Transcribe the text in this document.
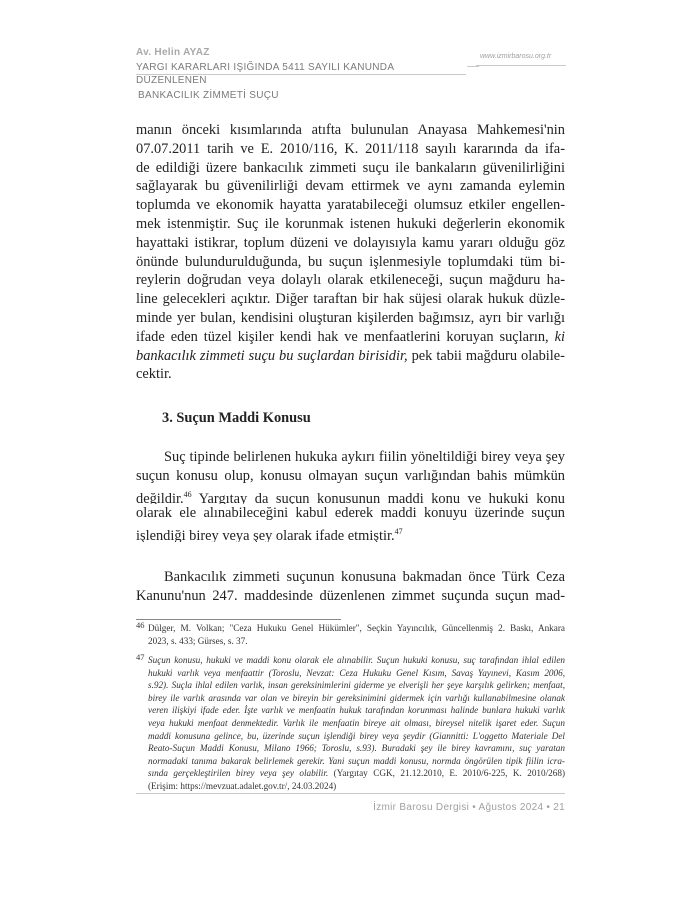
Av. Helin AYAZ
YARGI KARARLARI IŞIĞINDA 5411 SAYILI KANUNDA DÜZENLENEN
BANKACILIK ZİMMETİ SUÇU
www.izmirbarosu.org.tr
manın önceki kısımlarında atıfta bulunulan Anayasa Mahkemesi'nin
07.07.2011 tarih ve E. 2010/116, K. 2011/118 sayılı kararında da ifa-
de edildiği üzere bankacılık zimmeti suçu ile bankaların güvenilirliğini
sağlayarak bu güvenilirliği devam ettirmek ve aynı zamanda eylemin
toplumda ve ekonomik hayatta yaratabileceği olumsuz etkiler engellen-
mek istenmiştir. Suç ile korunmak istenen hukuki değerlerin ekonomik
hayattaki istikrar, toplum düzeni ve dolayısıyla kamu yararı olduğu göz
önünde bulundurulduğunda, bu suçun işlenmesiyle toplumdaki tüm bi-
reylerin doğrudan veya dolaylı olarak etkileneceği, suçun mağduru ha-
line gelecekleri açıktır. Diğer taraftan bir hak süjesi olarak hukuk düzle-
minde yer bulan, kendisini oluşturan kişilerden bağımsız, ayrı bir varlığı
ifade eden tüzel kişiler kendi hak ve menfaatlerini koruyan suçların, ki
bankacılık zimmeti suçu bu suçlardan birisidir, pek tabii mağduru olabile-
cektir.
3. Suçun Maddi Konusu
Suç tipinde belirlenen hukuka aykırı fiilin yöneltildiği birey veya şey
suçun konusu olup, konusu olmayan suçun varlığından bahis mümkün
değildir.$^{46}$ Yargıtay da suçun konusunun maddi konu ve hukuki konu
olarak ele alınabileceğini kabul ederek maddi konuyu üzerinde suçun
işlendiği birey veya şey olarak ifade etmiştir.$^{47}$
Bankacılık zimmeti suçunun konusuna bakmadan önce Türk Ceza
Kanunu'nun 247. maddesinde düzenlenen zimmet suçunda suçun mad-
46 Dülger, M. Volkan; "Ceza Hukuku Genel Hükümler", Seçkin Yayıncılık, Güncellenmiş 2. Baskı, Ankara
2023, s. 433; Gürses, s. 37.
47 Suçun konusu, hukuki ve maddi konu olarak ele alınabilir. Suçun hukuki konusu, suç tarafından ihlal edilen
hukuki varlık veya menfaattir (Toroslu, Nevzat: Ceza Hukuku Genel Kısım, Savaş Yayınevi, Kasım 2006,
s.92). Suçla ihlal edilen varlık, insan gereksinimlerini giderme ye elverişli her şeye karşılık gelirken; menfaat,
birey ile varlık arasında var olan ve bireyin bir gereksinimini gidermek için varlığı kullanabilmesine olanak
veren ilişkiyi ifade eder. İşte varlık ve menfaatin hukuk tarafından korunması halinde bunlara hukuki varlık
veya hukuki menfaat denmektedir. Varlık ile menfaatin bireye ait olması, bireysel nitelik işaret eder. Suçun
maddi konusuna gelince, bu, üzerinde suçun işlendiği birey veya şeydir (Giannitti: L'oggetto Materiale Del
Reato-Suçun Maddi Konusu, Milano 1966; Toroslu, s.93). Buradaki şey ile birey kavramını, suç yaratan
normadaki tanıma bakarak belirlemek gerekir. Yani suçun maddi konusu, normda öngörülen tipik fiilin icra-
sında gerçekleştirilen birey veya şey olabilir. (Yargıtay CGK, 21.12.2010, E. 2010/6-225, K. 2010/268)
(Erişim: https://mevzuat.adalet.gov.tr/, 24.03.2024)
İzmir Barosu Dergisi • Ağustos 2024 • 21
